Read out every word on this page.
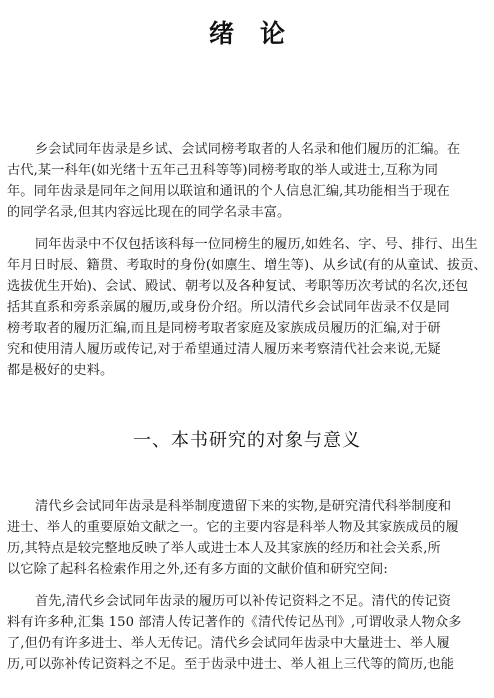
绪论
乡会试同年齿录是乡试、会试同榜考取者的人名录和他们履历的汇编。在
古代,某一科年(如光绪十五年己丑科等等)同榜考取的举人或进士,互称为同
年。同年齿录是同年之间用以联谊和通讯的个人信息汇编,其功能相当于现在
的同学名录,但其内容远比现在的同学名录丰富。
同年齿录中不仅包括该科每一位同榜生的履历,如姓名、字、号、排行、出生
年月日时辰、籍贯、考取时的身份(如廪生、增生等)、从乡试(有的从童试、拔贡、
选拔优生开始)、会试、殿试、朝考以及各种复试、考职等历次考试的名次,还包
括其直系和旁系亲属的履历,或身份介绍。所以清代乡会试同年齿录不仅是同
榜考取者的履历汇编,而且是同榜考取者家庭及家族成员履历的汇编,对于研
究和使用清人履历或传记,对于希望通过清人履历来考察清代社会来说,无疑
都是极好的史料。
一、本书研究的对象与意义
清代乡会试同年齿录是科举制度遗留下来的实物,是研究清代科举制度和
进士、举人的重要原始文献之一。它的主要内容是科举人物及其家族成员的履
历,其特点是较完整地反映了举人或进士本人及其家族的经历和社会关系,所
以它除了起科名检索作用之外,还有多方面的文献价值和研究空间:
首先,清代乡会试同年齿录的履历可以补传记资料之不足。清代的传记资
料有许多种,汇集 150 部清人传记著作的《清代传记丛刊》,可谓收录人物众多
了,但仍有许多进士、举人无传记。清代乡会试同年齿录中大量进士、举人履
历,可以弥补传记资料之不足。至于齿录中进士、举人祖上三代等的简历,也能
